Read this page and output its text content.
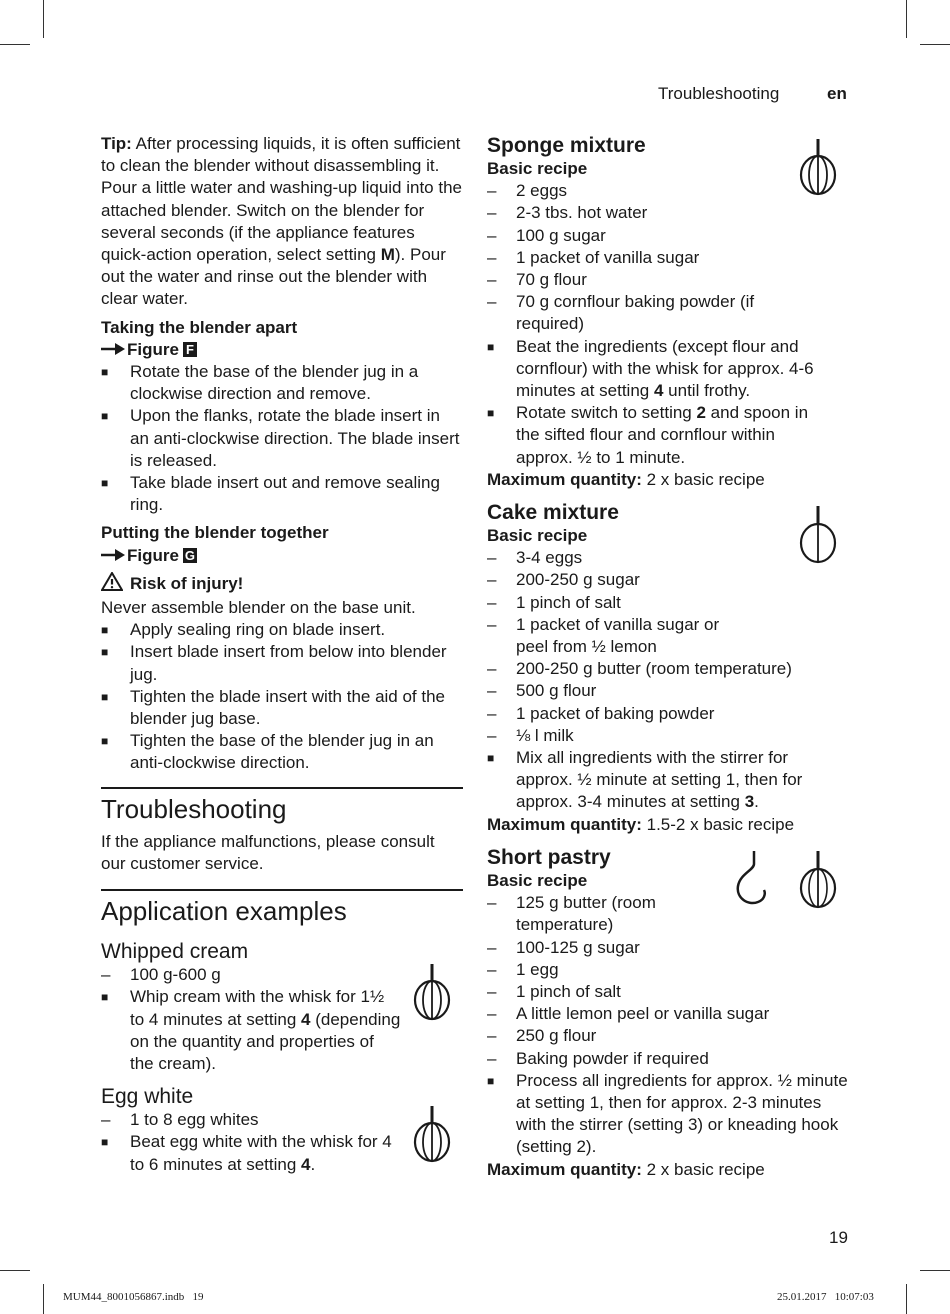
Troubleshooting	en

Tip: After processing liquids, it is often sufficient to clean the blender without disassembling it. Pour a little water and washing-up liquid into the attached blender. Switch on the blender for several seconds (if the appliance features quick-action operation, select setting M). Pour out the water and rinse out the blender with clear water.

Taking the blender apart

Figure F
■
Rotate the base of the blender jug in a clockwise direction and remove.
■
Upon the flanks, rotate the blade insert in an anti-clockwise direction. The blade insert is released.
■
Take blade insert out and remove sealing ring.

Putting the blender together

Figure G
Risk of injury!

Never assemble blender on the base unit.

■
Apply sealing ring on blade insert.
■
Insert blade insert from below into blender jug.
■
Tighten the blade insert with the aid of the blender jug base.
■
Tighten the base of the blender jug in an anti-clockwise direction.
Troubleshooting

If the appliance malfunctions, please consult our customer service.

Application examples
Whipped cream
–	100 g-600 g
■
Whip cream with the whisk for 1½ to 4 minutes at setting 4 (depending on the quantity and properties of the cream).
Egg white
–	1 to 8 egg whites
■
Beat egg white with the whisk for 4 to 6 minutes at setting 4.
Sponge mixture

Basic recipe

–	2 eggs
–	2-3 tbs. hot water
–	100 g sugar
–	1 packet of vanilla sugar
–	70 g flour
–	70 g cornflour baking powder (if required)
■
Beat the ingredients (except flour and cornflour) with the whisk for approx. 4-6 minutes at setting 4 until frothy.
■
Rotate switch to setting 2 and spoon in the sifted flour and cornflour within approx. ½ to 1 minute.

Maximum quantity: 2 x basic recipe

Cake mixture

Basic recipe

–	3-4 eggs
–	200-250 g sugar
–	1 pinch of salt
–	1 packet of vanilla sugar or peel from ½ lemon
–	200-250 g butter (room temperature)
–	500 g flour
–	1 packet of baking powder
–	⅛ l milk
■
Mix all ingredients with the stirrer for approx. ½ minute at setting 1, then for approx. 3-4 minutes at setting 3.

Maximum quantity: 1.5-2 x basic recipe

Short pastry

Basic recipe

–	125 g butter (room temperature)
–	100-125 g sugar
–	1 egg
–	1 pinch of salt
–	A little lemon peel or vanilla sugar
–	250 g flour
–	Baking powder if required
■
Process all ingredients for approx. ½ minute at setting 1, then for approx. 2-3 minutes with the stirrer (setting 3) or kneading hook (setting 2).

Maximum quantity: 2 x basic recipe

19
MUM44_8001056867.indb   19	25.01.2017   10:07:03
